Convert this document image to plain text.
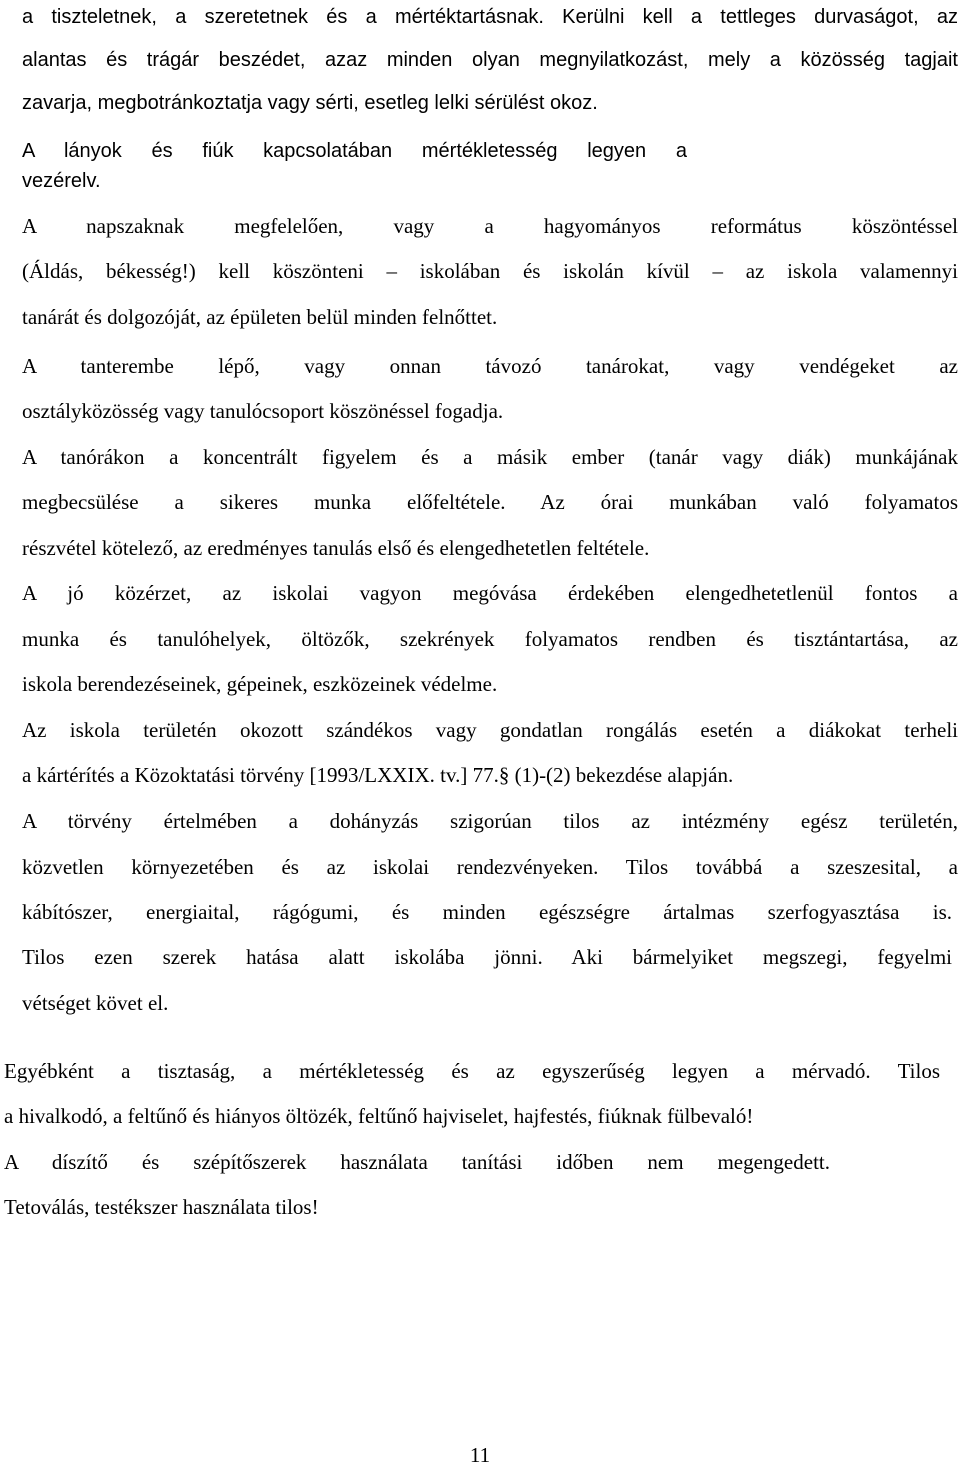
a tiszteletnek, a szeretetnek és a mértéktartásnak. Kerülni kell a tettleges durvaságot, az
alantas és trágár beszédet, azaz minden olyan megnyilatkozást, mely a közösség tagjait
zavarja, megbotránkoztatja vagy sérti, esetleg lelki sérülést okoz.
A lányok és fiúk kapcsolatában mértékletesség legyen a
vezérelv.
A napszaknak megfelelően, vagy a hagyományos református köszöntéssel
(Áldás, békesség!) kell köszönteni – iskolában és iskolán kívül – az iskola valamennyi
tanárát és dolgozóját, az épületen belül minden felnőttet.
A tanterembe lépő, vagy onnan távozó tanárokat, vagy vendégeket az
osztályközösség vagy tanulócsoport köszönéssel fogadja.
A tanórákon a koncentrált figyelem és a másik ember (tanár vagy diák) munkájának
megbecsülése a sikeres munka előfeltétele. Az órai munkában való folyamatos
részvétel kötelező, az eredményes tanulás első és elengedhetetlen feltétele.
A jó közérzet, az iskolai vagyon megóvása érdekében elengedhetetlenül fontos a
munka és tanulóhelyek, öltözők, szekrények folyamatos rendben és tisztántartása, az
iskola berendezéseinek, gépeinek, eszközeinek védelme.
Az iskola területén okozott szándékos vagy gondatlan rongálás esetén a diákokat terheli
a kártérítés a Közoktatási törvény [1993/LXXIX. tv.] 77.§ (1)-(2) bekezdése alapján.
A törvény értelmében a dohányzás szigorúan tilos az intézmény egész területén,
közvetlen környezetében és az iskolai rendezvényeken. Tilos továbbá a szeszesital, a
kábítószer, energiaital, rágógumi, és minden egészségre ártalmas szerfogyasztása is.
Tilos ezen szerek hatása alatt iskolába jönni. Aki bármelyiket megszegi, fegyelmi
vétséget követ el.
Egyébként a tisztaság, a mértékletesség és az egyszerűség legyen a mérvadó. Tilos
a hivalkodó, a feltűnő és hiányos öltözék, feltűnő hajviselet, hajfestés, fiúknak fülbevaló!
A díszítő és szépítőszerek használata tanítási időben nem megengedett.
Tetoválás, testékszer használata tilos!
11
